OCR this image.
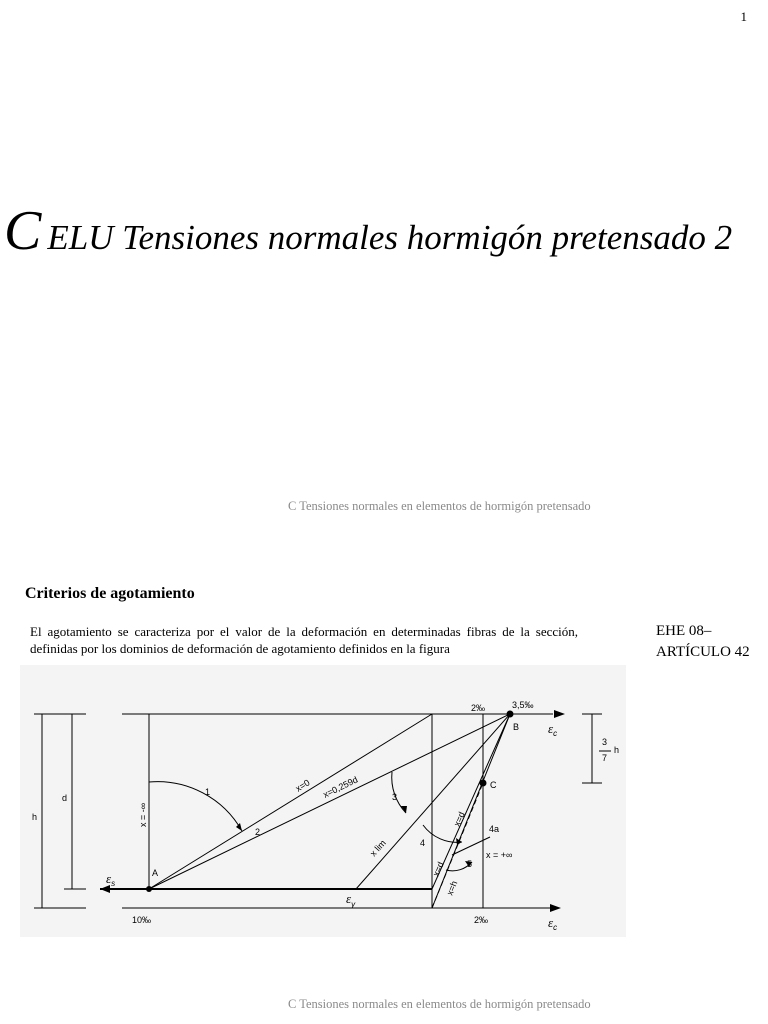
1
CELU Tensiones normales hormigón pretensado 2
C Tensiones normales en elementos de hormigón pretensado
Criterios de agotamiento
El agotamiento se caracteriza por el valor de la deformación en determinadas fibras de la sección, definidas por los dominios de deformación de agotamiento definidos en la figura
EHE 08–
ARTÍCULO 42
10‰	2‰
2‰	3,5‰
A
B
C
h
d
3
7
h
1
2
3
4
4a
5
x = +∞
x = -∞
x=0 x=0,259d
x lim
x=d
x=d
x=h
$\varepsilon_s$
$\varepsilon_c$
$\varepsilon_y$
$\varepsilon_c$
C Tensiones normales en elementos de hormigón pretensado
